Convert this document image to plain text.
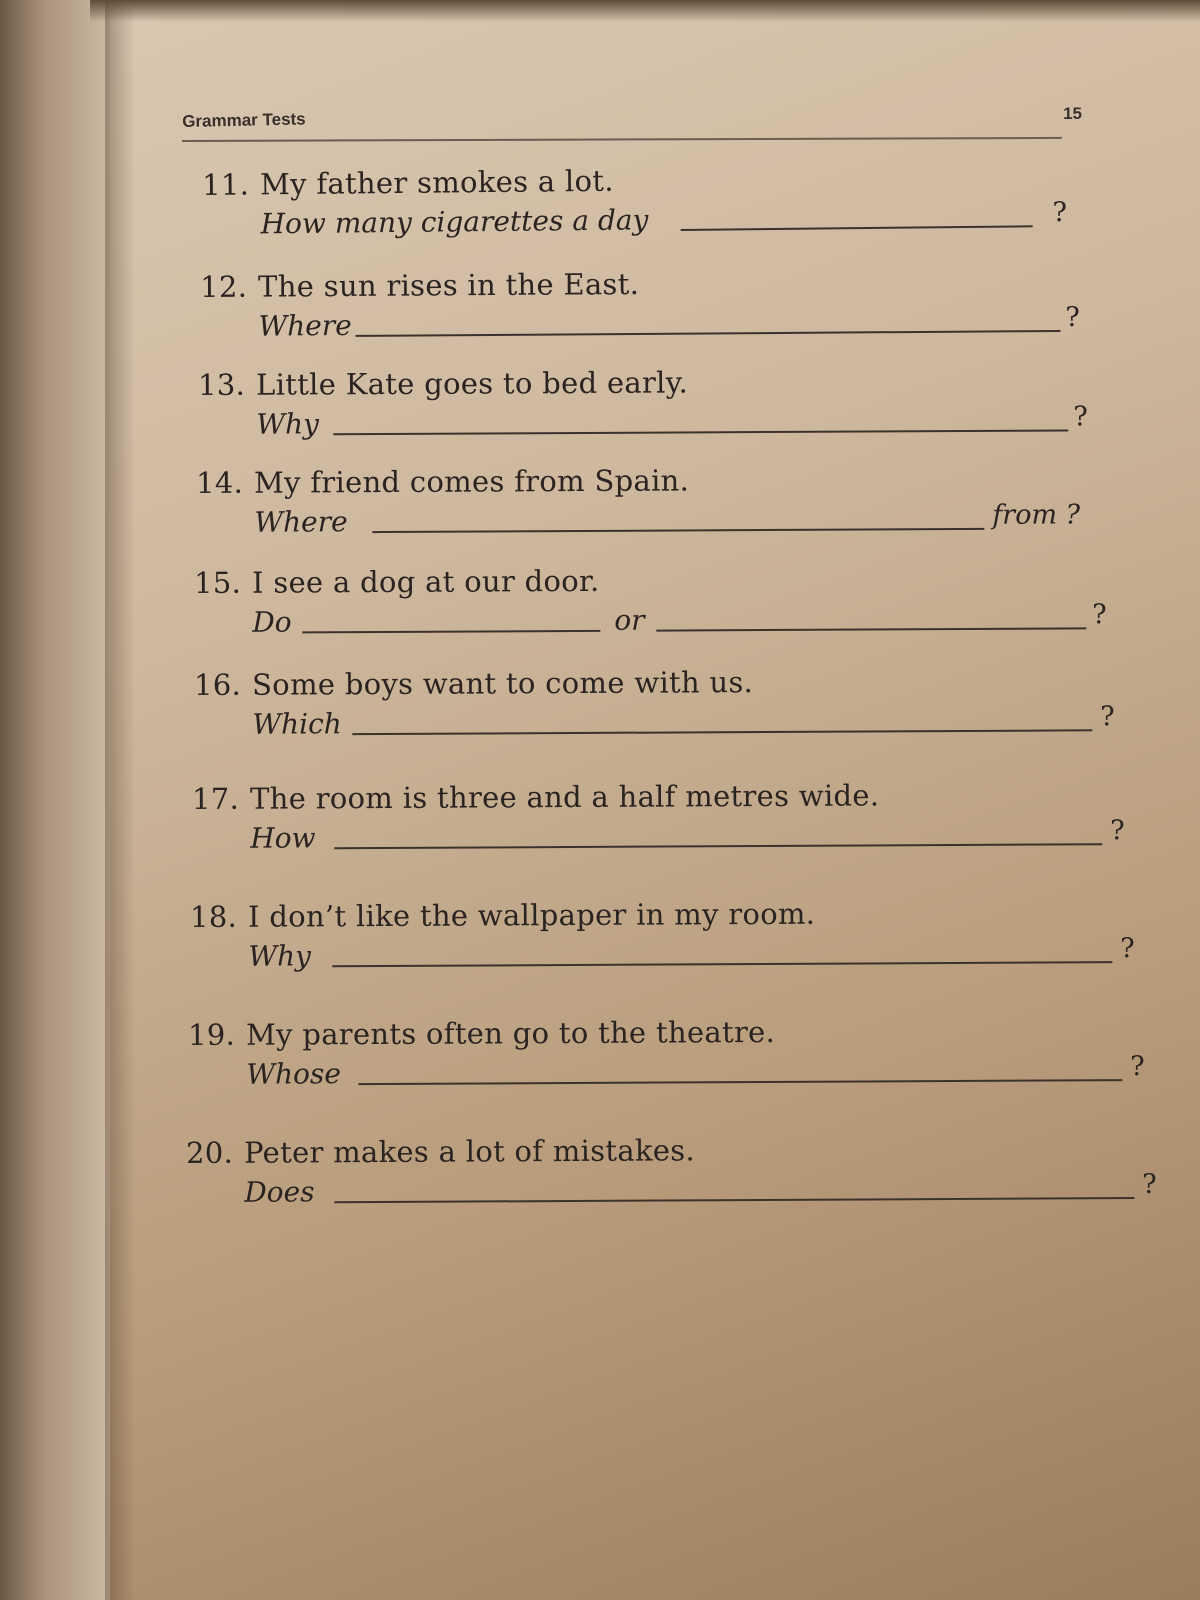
Grammar Tests	15
11. My father smokes a lot.
How many cigarettes a day	?
12. The sun rises in the East.
Where	?
13. Little Kate goes to bed early.
Why	?
14. My friend comes from Spain.
Where	from ?
15. I see a dog at our door.
Do	or	?
16. Some boys want to come with us.
Which	?
17. The room is three and a half metres wide.
How	?
18. I don’t like the wallpaper in my room.
Why	?
19. My parents often go to the theatre.
Whose	?
20. Peter makes a lot of mistakes.
Does	?
